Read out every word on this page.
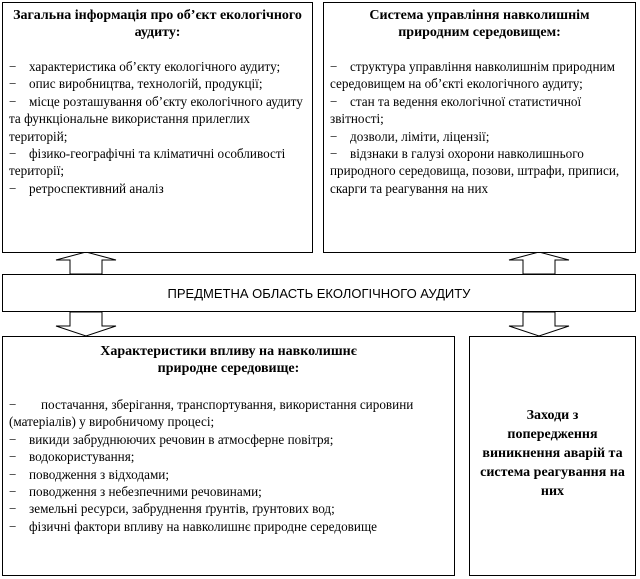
Загальна інформація про об’єкт екологічного аудиту:
− характеристика об’єкту екологічного аудиту;
− опис виробництва, технологій, продукції;
− місце розташування об’єкту екологічного аудиту та функціональне використання прилеглих територій;
− фізико-географічні та кліматичні особливості території;
− ретроспективний аналіз
Система управління навколишнім природним середовищем:
− структура управління навколишнім природним середовищем на об’єкті екологічного аудиту;
− стан та ведення екологічної статистичної звітності;
− дозволи, ліміти, ліцензії;
− відзнаки в галузі охорони навколишнього природного середовища, позови, штрафи, приписи, скарги та реагування на них
ПРЕДМЕТНА ОБЛАСТЬ ЕКОЛОГІЧНОГО АУДИТУ
Характеристики впливу на навколишнє природне середовище:
− постачання, зберігання, транспортування, використання сировини (матеріалів) у виробничому процесі;
− викиди забруднюючих речовин в атмосферне повітря;
− водокористування;
− поводження з відходами;
− поводження з небезпечними речовинами;
− земельні ресурси, забруднення ґрунтів, ґрунтових вод;
− фізичні фактори впливу на навколишнє природне середовище
Заходи з попередження виникнення аварій та система реагування на них
